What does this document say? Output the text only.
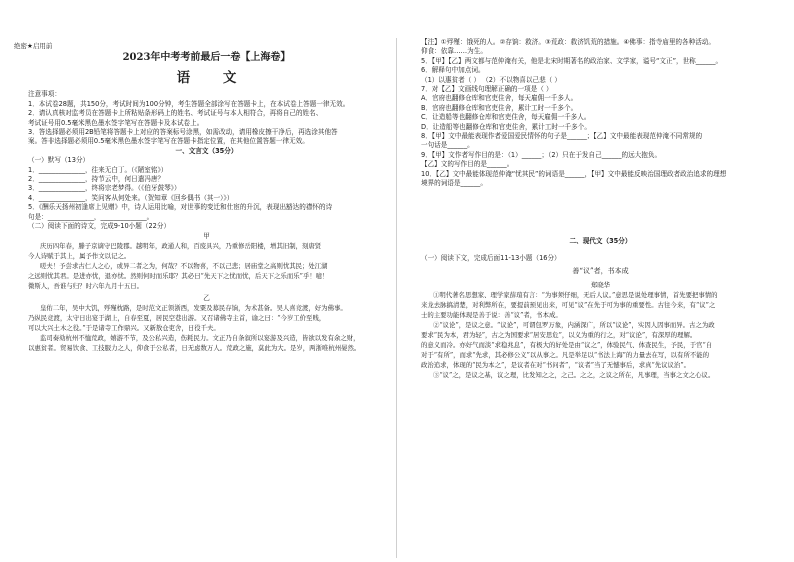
绝密★启用前
2023年中考考前最后一卷【上海卷】
语 文
注意事项：
1．本试卷28题，共150分，考试时间为100分钟，考生答题全部涂写在答题卡上，在本试卷上答题一律无效。
2．请认真核对监考员在答题卡上所粘贴条形码上的姓名、考试证号与本人相符合，再将自己的姓名、
考试证号用0.5毫米黑色墨水签字笔写在答题卡及本试卷上。
3．答选择题必须用2B铅笔将答题卡上对应的答案标号涂黑，如需改动，请用橡皮擦干净后，再选涂其他答
案。答非选择题必须用0.5毫米黑色墨水签字笔写在答题卡指定位置，在其他位置答题一律无效。
一、文言文（35分）
（一）默写（13分）
1．______________，往来无白丁。（《陋室铭》）
2．______________，持节云中，何日遣冯唐？
3．______________，终将宗老梦得。（《伯牙鼓琴》）
4．______________，笑问客从何处来。（贺知章《回乡偶书（其一）》）
5．《酬乐天扬州初逢席上见赠》中，诗人运用比喻，对世事的变迁和仕宦的升沉，表现出豁达的襟怀的诗
句是：______________，______________。
（二）阅读下面的诗文，完成9-10小题（22分）
甲
庆历四年春，滕子京谪守巴陵郡。越明年，政通人和，百废具兴，乃重修岳阳楼，增其旧制，刻唐贤
今人诗赋于其上，属予作文以记之。
嗟夫！予尝求古仁人之心，或异二者之为，何哉？不以物喜，不以己悲；居庙堂之高则忧其民；处江湖
之远则忧其君。是进亦忧，退亦忧。然则何时而乐耶？其必曰“先天下之忧而忧，后天下之乐而乐”乎！噫！
微斯人，吾谁与归？时六年九月十五日。
乙
皇佑二年，吴中大饥，殍殣枕路，是时范文正领浙西，发粟及募民存饷，为术甚备。吴人喜竞渡，好为佛事。
乃纵民竞渡，太守日出宴于湖上，自春至夏，居民空巷出游。又召诸佛寺主首，谕之曰：“今岁工价至贱，
可以大兴土木之役。”于是诸寺工作鼎兴。又新敖仓吏舍，日役千夫。
监司奏劾杭州不恤荒政，嬉游不节，及公私兴造，伤耗民力。文正乃自条叙所以宴游及兴造，皆欲以发有余之财，
以惠贫者。贸易饮食、工技服力之人，仰食于公私者，日无虑数万人。荒政之施，莫此为大。是岁，两浙唯杭州晏然。
【注】①殍殣：饿死的人。②存饷：救济。③荒政：救济饥荒的措施。④佛事：指寺庙里的各种活动。
仰食：依靠……为生。
5．【甲】【乙】两文都与范仲淹有关，他是北宋时期著名的政治家、文学家，谥号“文正”，世称______。
6．解释句中加点词。
（1）以惠贫者（ ） （2）不以物喜以己悲（ ）
7．对【乙】文画线句理解正确的一项是（ ）
A．官府也翻修仓库和官吏住舍，每天雇佣一千多人。
B．官府也翻修仓库和官吏住舍，累计工时一千多个。
C．让造船等也翻修仓库和官吏住舍，每天雇佣一千多人。
D．让造船等也翻修仓库和官吏住舍，累计工时一千多个。
8．【甲】文中最能表现作者爱国爱民情怀的句子是______；【乙】文中最能表现范仲淹不同常规的
一句话是______。
9．【甲】文作者写作目的是：（1）______；（2）只在于发自己______的远大抱负。
【乙】文的写作目的是______。
10．【乙】文中最能体现范仲淹“忧其民”的词语是______，【甲】文中最能反映治国理政者政治追求的理想
境界的词语是______。
二、现代文（35分）
（一）阅读下文，完成后面11-13小题（16分）
善“议”者，书本成
郑晓华
①明代著名思想家、理学家薛瑄有言：“为事须仔细，无后人议。”意思是说处理事情，首先要把事情的
来龙去脉搞清楚，对利弊所在，要提前预见出来，可见“议”在先于可为事的重要性。古往今来，有“议”之
士的主要功能体现是善于说：善“议”者，书本成。
②“议论”，是议之意。“议论”，可谓包罗万象，内涵深广，所以“议论”，实因人因事而异。古之为政
要求“民为本，君为轻”，古之为国要求“居安思危”，以义为重的行之，对“议论”，有深厚的理解。
的意义而冷。亦好气而淡“求稳兆息”，有极大的好处是由“议之”，体验民气、体查民生，予民，于官“自
对于“有所”，而求“先求，其必修公义”以从事之。凡是举足以“书法上海”的力量去在写，以有所不能的
政治追求，体现的“民为本之”，是议者在对“书问者”，“议者”当了无憾事后，求真“先议议治”。
③“议”之，是议之基，议之理，比发知之之，之己。之之，之议之所在，凡事理，当事之文之心议。
